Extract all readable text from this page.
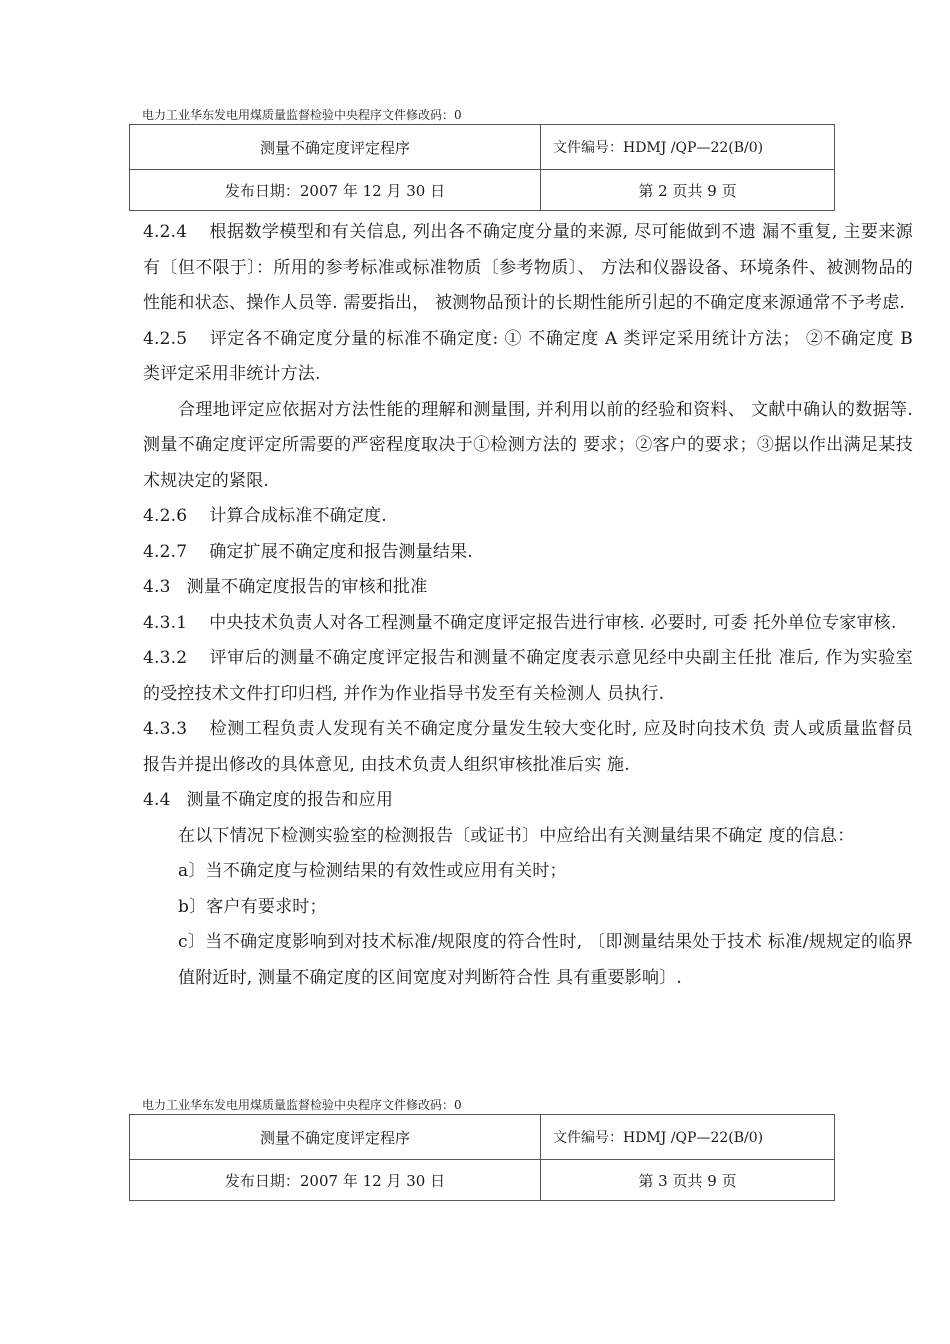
电力工业华东发电用煤质量监督检验中央程序文件修改码：0
测量不确定度评定程序	文件编号：HDMJ /QP—22(B/0)
发布日期：2007 年 12 月 30 日	第 2 页共 9 页

4.2.4 根据数学模型和有关信息, 列出各不确定度分量的来源, 尽可能做到不遗 漏不重复, 主要来源有〔但不限于〕：所用的参考标准或标准物质〔参考物质〕、 方法和仪器设备、环境条件、被测物品的性能和状态、操作人员等. 需要指出， 被测物品预计的长期性能所引起的不确定度来源通常不予考虑.

4.2.5 评定各不确定度分量的标准不确定度: ① 不确定度 A 类评定采用统计方法； ②不确定度 B 类评定采用非统计方法.

合理地评定应依据对方法性能的理解和测量围, 并利用以前的经验和资料、 文献中确认的数据等. 测量不确定度评定所需要的严密程度取决于①检测方法的 要求；②客户的要求；③据以作出满足某技术规决定的紧限.

4.2.6 计算合成标准不确定度.

4.2.7 确定扩展不确定度和报告测量结果.

4.3 测量不确定度报告的审核和批准

4.3.1 中央技术负责人对各工程测量不确定度评定报告进行审核. 必要时, 可委 托外单位专家审核.

4.3.2 评审后的测量不确定度评定报告和测量不确定度表示意见经中央副主任批 准后, 作为实验室的受控技术文件打印归档, 并作为作业指导书发至有关检测人 员执行.

4.3.3 检测工程负责人发现有关不确定度分量发生较大变化时, 应及时向技术负 责人或质量监督员报告并提出修改的具体意见, 由技术负责人组织审核批准后实 施.

4.4 测量不确定度的报告和应用

在以下情况下检测实验室的检测报告〔或证书〕中应给出有关测量结果不确定 度的信息：

a〕当不确定度与检测结果的有效性或应用有关时；

b〕客户有要求时；

c〕当不确定度影响到对技术标准/规限度的符合性时, 〔即测量结果处于技术 标准/规规定的临界值附近时, 测量不确定度的区间宽度对判断符合性 具有重要影响〕.

电力工业华东发电用煤质量监督检验中央程序文件修改码：0
测量不确定度评定程序	文件编号：HDMJ /QP—22(B/0)
发布日期：2007 年 12 月 30 日	第 3 页共 9 页
